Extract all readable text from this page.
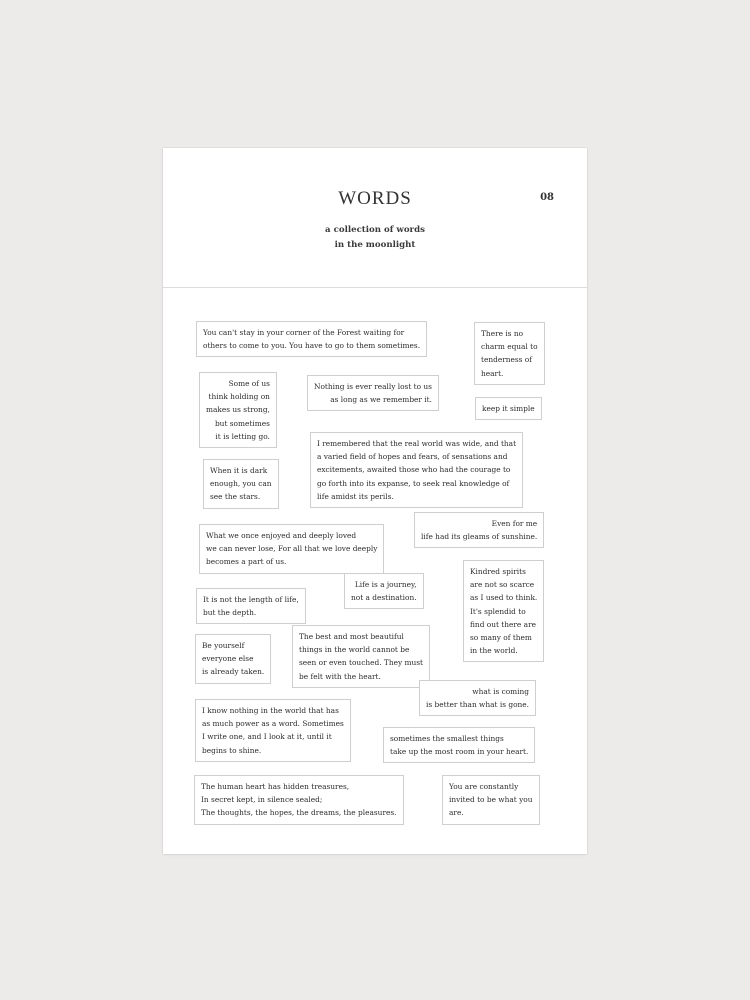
WORDS	08
a collection of words
in the moonlight
You can't stay in your corner of the Forest waiting for
others to come to you. You have to go to them sometimes.
There is no
charm equal to
tenderness of
heart.
Some of us
think holding on
makes us strong,
but sometimes
it is letting go.
Nothing is ever really lost to us
as long as we remember it.
keep it simple
I remembered that the real world was wide, and that
a varied field of hopes and fears, of sensations and
excitements, awaited those who had the courage to
go forth into its expanse, to seek real knowledge of
life amidst its perils.
When it is dark
enough, you can
see the stars.
Even for me
life had its gleams of sunshine.
What we once enjoyed and deeply loved
we can never lose, For all that we love deeply
becomes a part of us.
Kindred spirits
are not so scarce
as I used to think.
It's splendid to
find out there are
so many of them
in the world.
Life is a journey,
not a destination.
It is not the length of life,
but the depth.
Be yourself
everyone else
is already taken.
The best and most beautiful
things in the world cannot be
seen or even touched. They must
be felt with the heart.
what is coming
is better than what is gone.
I know nothing in the world that has
as much power as a word. Sometimes
I write one, and I look at it, until it
begins to shine.
sometimes the smallest things
take up the most room in your heart.
The human heart has hidden treasures,
In secret kept, in silence sealed;
The thoughts, the hopes, the dreams, the pleasures.
You are constantly
invited to be what you
are.
